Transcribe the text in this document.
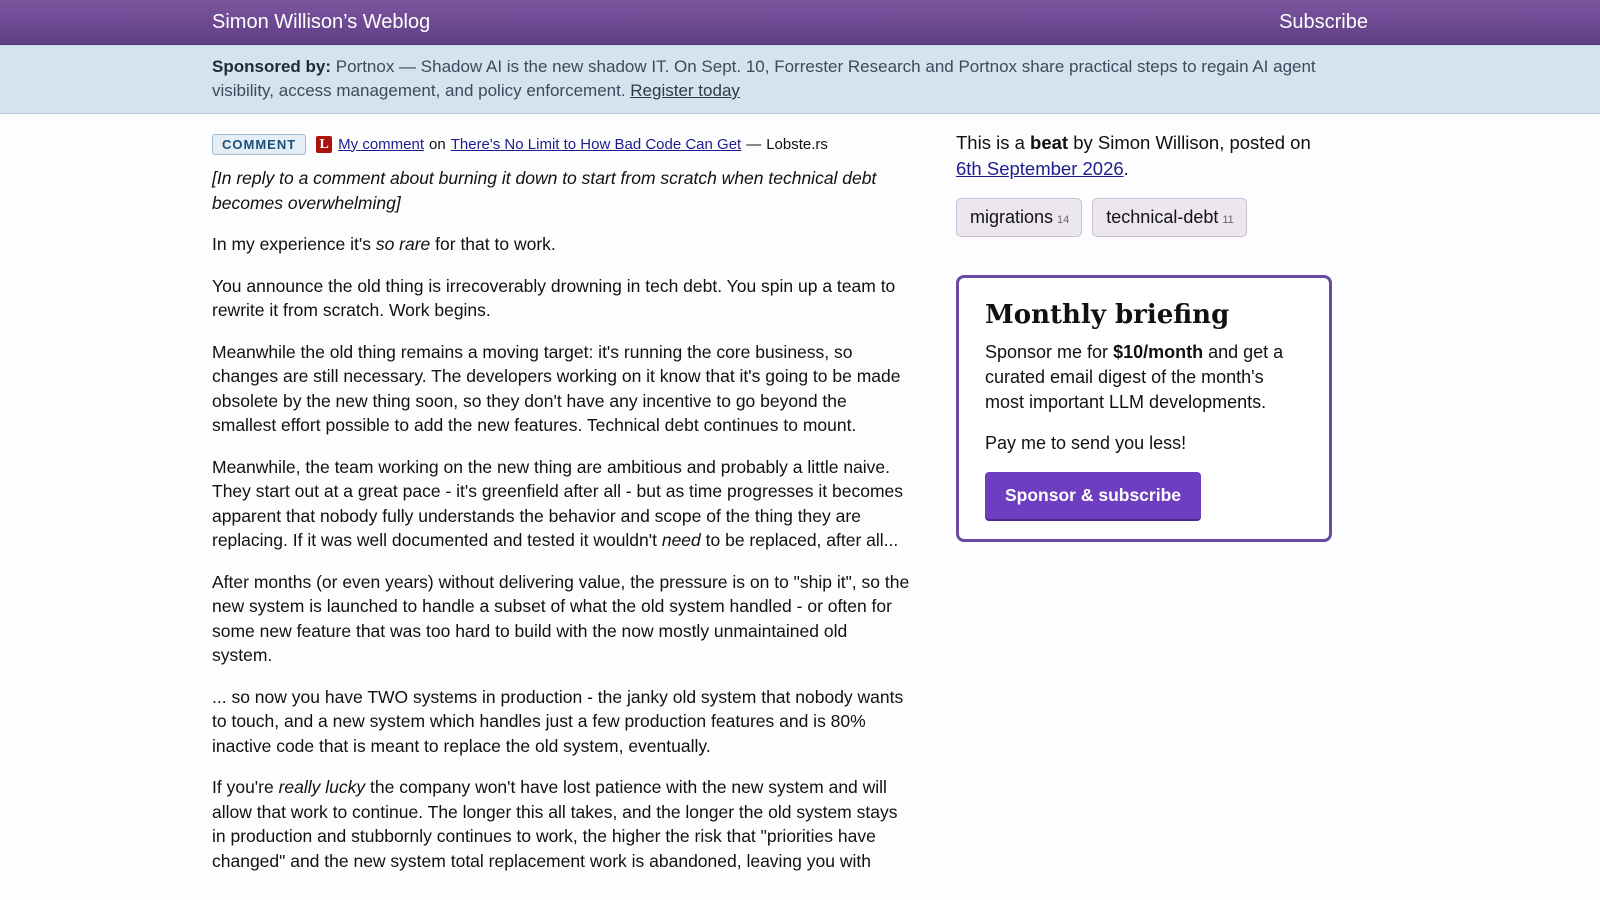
Simon Willison’s Weblog	Subscribe
Sponsored by: Portnox — Shadow AI is the new shadow IT. On Sept. 10, Forrester Research and Portnox share practical steps to regain AI agent visibility, access management, and policy enforcement. Register today
COMMENT	L My comment on There's No Limit to How Bad Code Can Get — Lobste.rs

[In reply to a comment about burning it down to start from scratch when technical debt becomes overwhelming]

In my experience it's so rare for that to work.

You announce the old thing is irrecoverably drowning in tech debt. You spin up a team to rewrite it from scratch. Work begins.

Meanwhile the old thing remains a moving target: it's running the core business, so changes are still necessary. The developers working on it know that it's going to be made obsolete by the new thing soon, so they don't have any incentive to go beyond the smallest effort possible to add the new features. Technical debt continues to mount.

Meanwhile, the team working on the new thing are ambitious and probably a little naive. They start out at a great pace - it's greenfield after all - but as time progresses it becomes apparent that nobody fully understands the behavior and scope of the thing they are replacing. If it was well documented and tested it wouldn't need to be replaced, after all...

After months (or even years) without delivering value, the pressure is on to "ship it", so the new system is launched to handle a subset of what the old system handled - or often for some new feature that was too hard to build with the now mostly unmaintained old system.

... so now you have TWO systems in production - the janky old system that nobody wants to touch, and a new system which handles just a few production features and is 80% inactive code that is meant to replace the old system, eventually.

If you're really lucky the company won't have lost patience with the new system and will allow that work to continue. The longer this all takes, and the longer the old system stays in production and stubbornly continues to work, the higher the risk that "priorities have changed" and the new system total replacement work is abandoned, leaving you with

This is a beat by Simon Willison, posted on 6th September 2026.
migrations 14	technical-debt 11
Monthly briefing

Sponsor me for $10/month and get a curated email digest of the month's most important LLM developments.

Pay me to send you less!

Sponsor & subscribe
